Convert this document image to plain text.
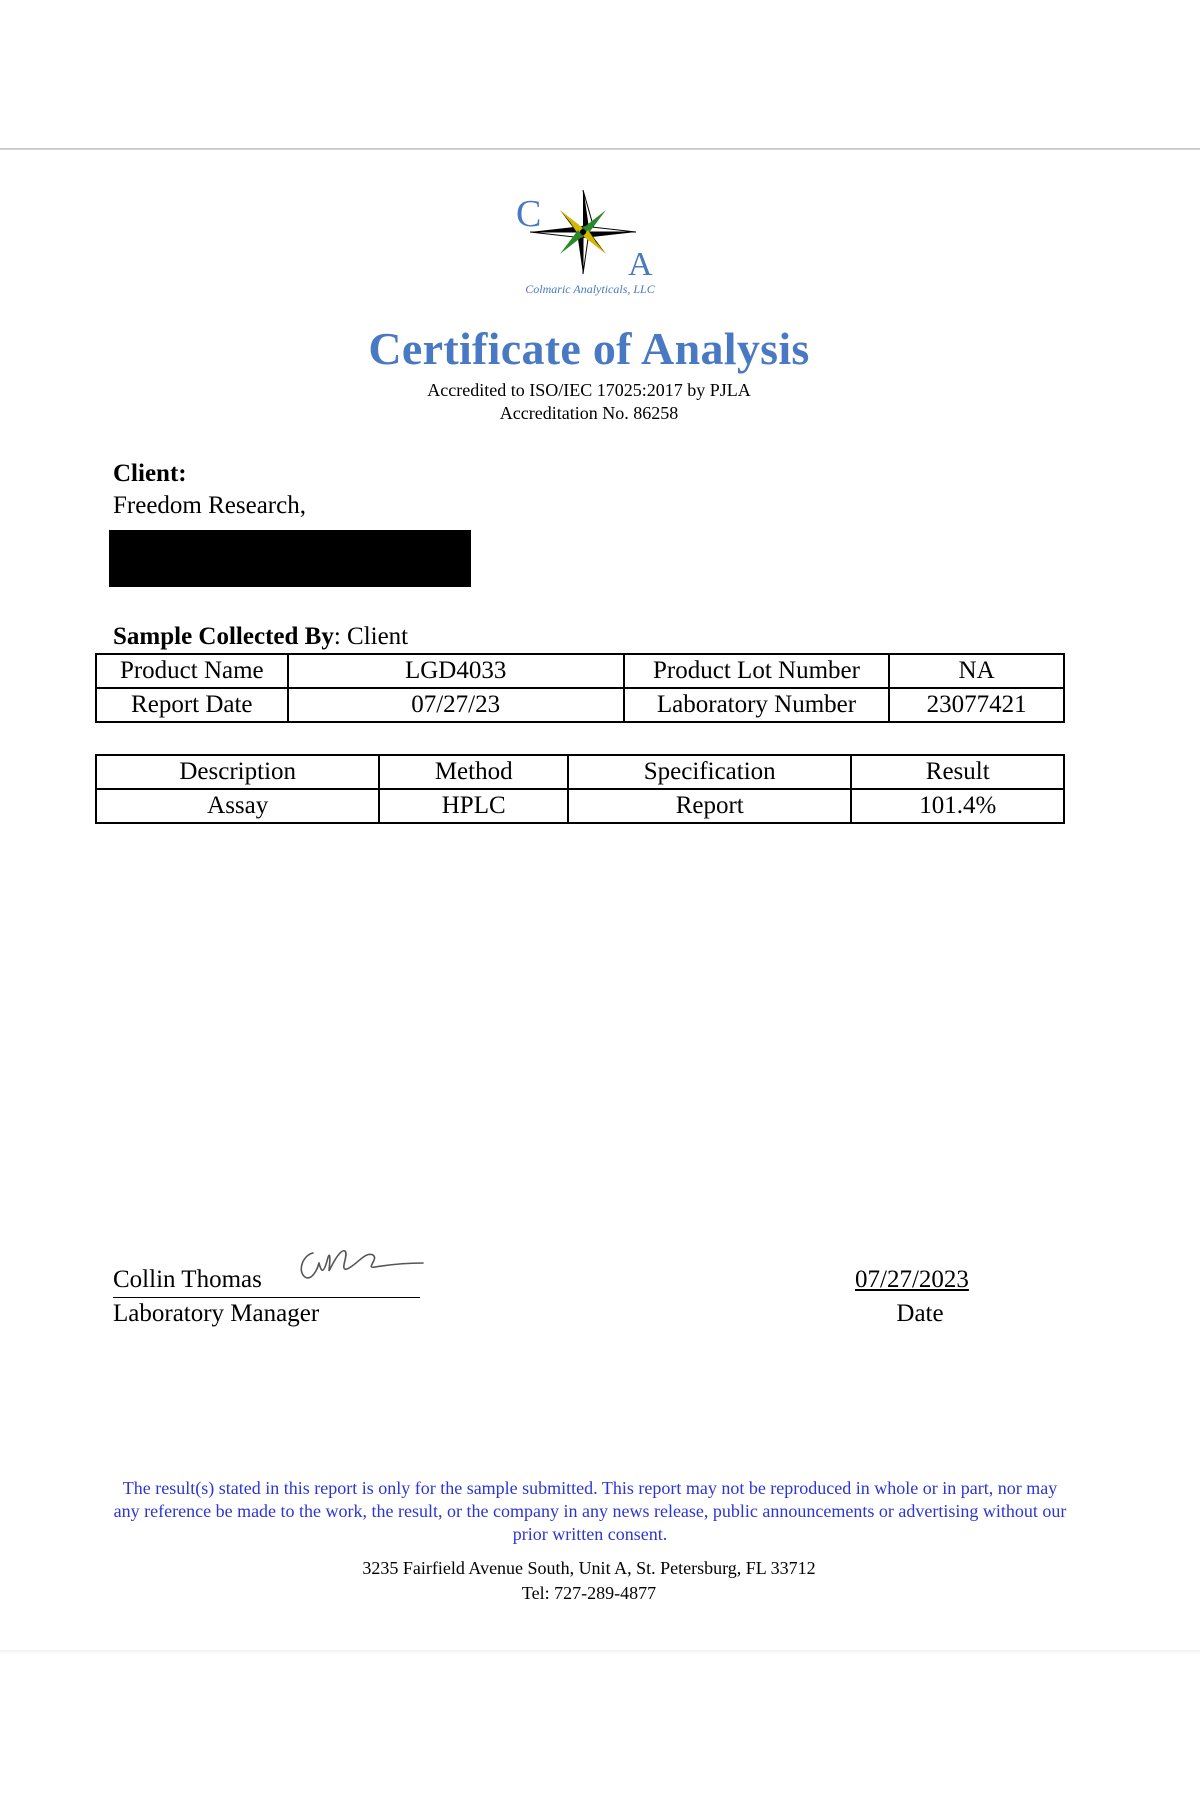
C
A
Colmaric Analyticals, LLC
Certificate of Analysis
Accredited to ISO/IEC 17025:2017 by PJLA
Accreditation No. 86258
Client:
Freedom Research,
Sample Collected By: Client
Product Name	LGD4033	Product Lot Number	NA
Report Date	07/27/23	Laboratory Number	23077421
Description	Method	Specification	Result
Assay	HPLC	Report	101.4%
Collin Thomas
Laboratory Manager
07/27/2023
Date
The result(s) stated in this report is only for the sample submitted. This report may not be reproduced in whole or in part, nor may any reference be made to the work, the result, or the company in any news release, public announcements or advertising without our prior written consent.
3235 Fairfield Avenue South, Unit A, St. Petersburg, FL 33712
Tel: 727-289-4877
